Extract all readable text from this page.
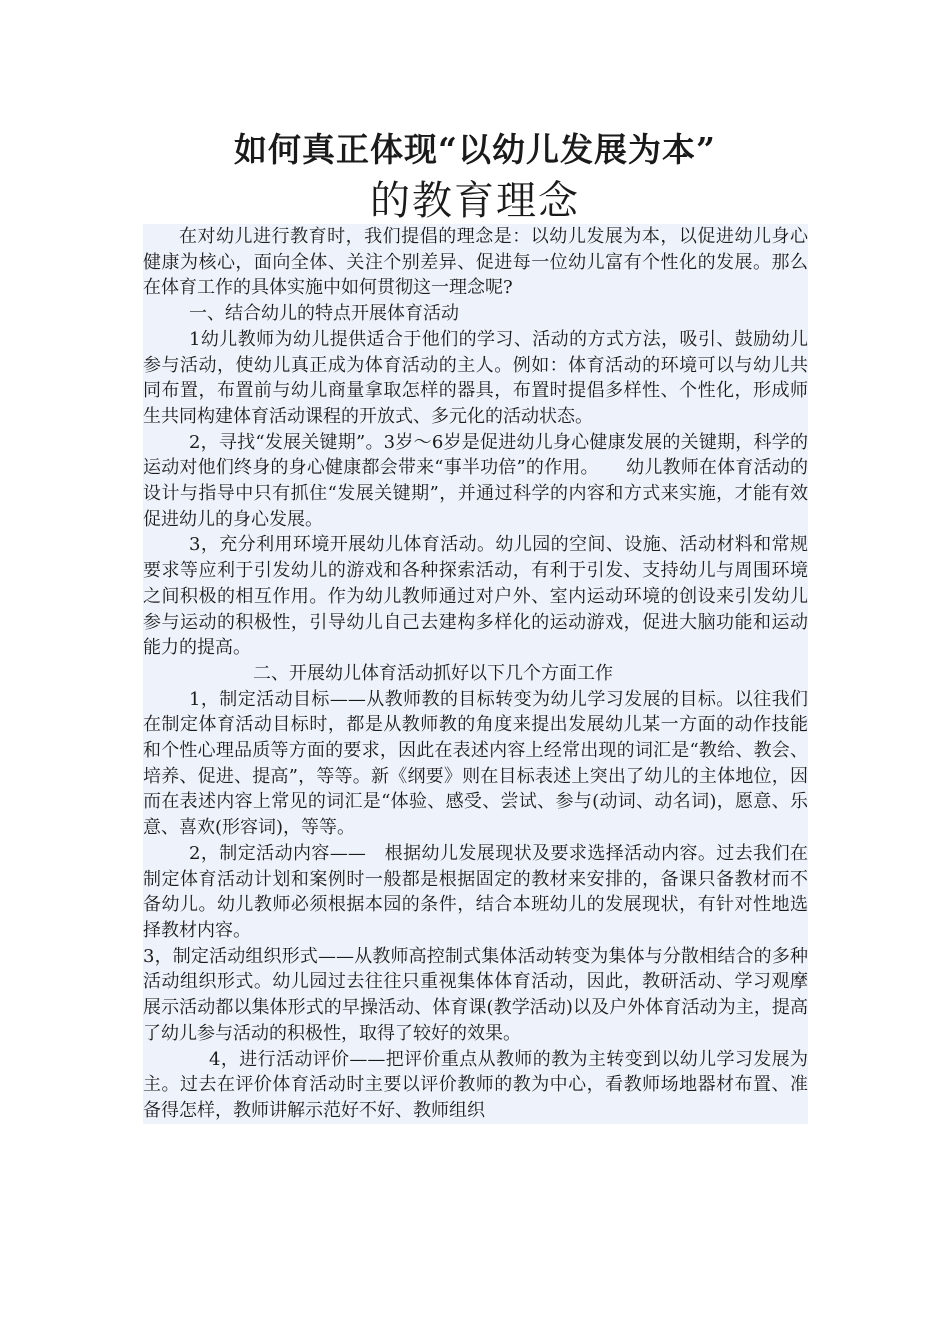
如何真正体现“以幼儿发展为本”
的教育理念

在对幼儿进行教育时，我们提倡的理念是：以幼儿发展为本，以促进幼儿身心健康为核心，面向全体、关注个别差异、促进每一位幼儿富有个性化的发展。那么在体育工作的具体实施中如何贯彻这一理念呢?

一、结合幼儿的特点开展体育活动

1幼儿教师为幼儿提供适合于他们的学习、活动的方式方法，吸引、鼓励幼儿参与活动，使幼儿真正成为体育活动的主人。例如：体育活动的环境可以与幼儿共同布置，布置前与幼儿商量拿取怎样的器具，布置时提倡多样性、个性化，形成师生共同构建体育活动课程的开放式、多元化的活动状态。

2，寻找“发展关键期”。3岁～6岁是促进幼儿身心健康发展的关键期，科学的运动对他们终身的身心健康都会带来“事半功倍”的作用。　　幼儿教师在体育活动的设计与指导中只有抓住“发展关键期”，并通过科学的内容和方式来实施，才能有效促进幼儿的身心发展。

3，充分利用环境开展幼儿体育活动。幼儿园的空间、设施、活动材料和常规要求等应利于引发幼儿的游戏和各种探索活动，有利于引发、支持幼儿与周围环境之间积极的相互作用。作为幼儿教师通过对户外、室内运动环境的创设来引发幼儿参与运动的积极性，引导幼儿自己去建构多样化的运动游戏，促进大脑功能和运动能力的提高。

二、开展幼儿体育活动抓好以下几个方面工作

1，制定活动目标——从教师教的目标转变为幼儿学习发展的目标。以往我们在制定体育活动目标时，都是从教师教的角度来提出发展幼儿某一方面的动作技能和个性心理品质等方面的要求，因此在表述内容上经常出现的词汇是“教给、教会、培养、促进、提高”，等等。新《纲要》则在目标表述上突出了幼儿的主体地位，因而在表述内容上常见的词汇是“体验、感受、尝试、参与(动词、动名词)，愿意、乐意、喜欢(形容词)，等等。

2，制定活动内容——　根据幼儿发展现状及要求选择活动内容。过去我们在制定体育活动计划和案例时一般都是根据固定的教材来安排的，备课只备教材而不备幼儿。幼儿教师必须根据本园的条件，结合本班幼儿的发展现状，有针对性地选择教材内容。

3，制定活动组织形式——从教师高控制式集体活动转变为集体与分散相结合的多种活动组织形式。幼儿园过去往往只重视集体体育活动，因此，教研活动、学习观摩展示活动都以集体形式的早操活动、体育课(教学活动)以及户外体育活动为主，提高了幼儿参与活动的积极性，取得了较好的效果。

4，进行活动评价——把评价重点从教师的教为主转变到以幼儿学习发展为主。过去在评价体育活动时主要以评价教师的教为中心，看教师场地器材布置、准备得怎样，教师讲解示范好不好、教师组织
